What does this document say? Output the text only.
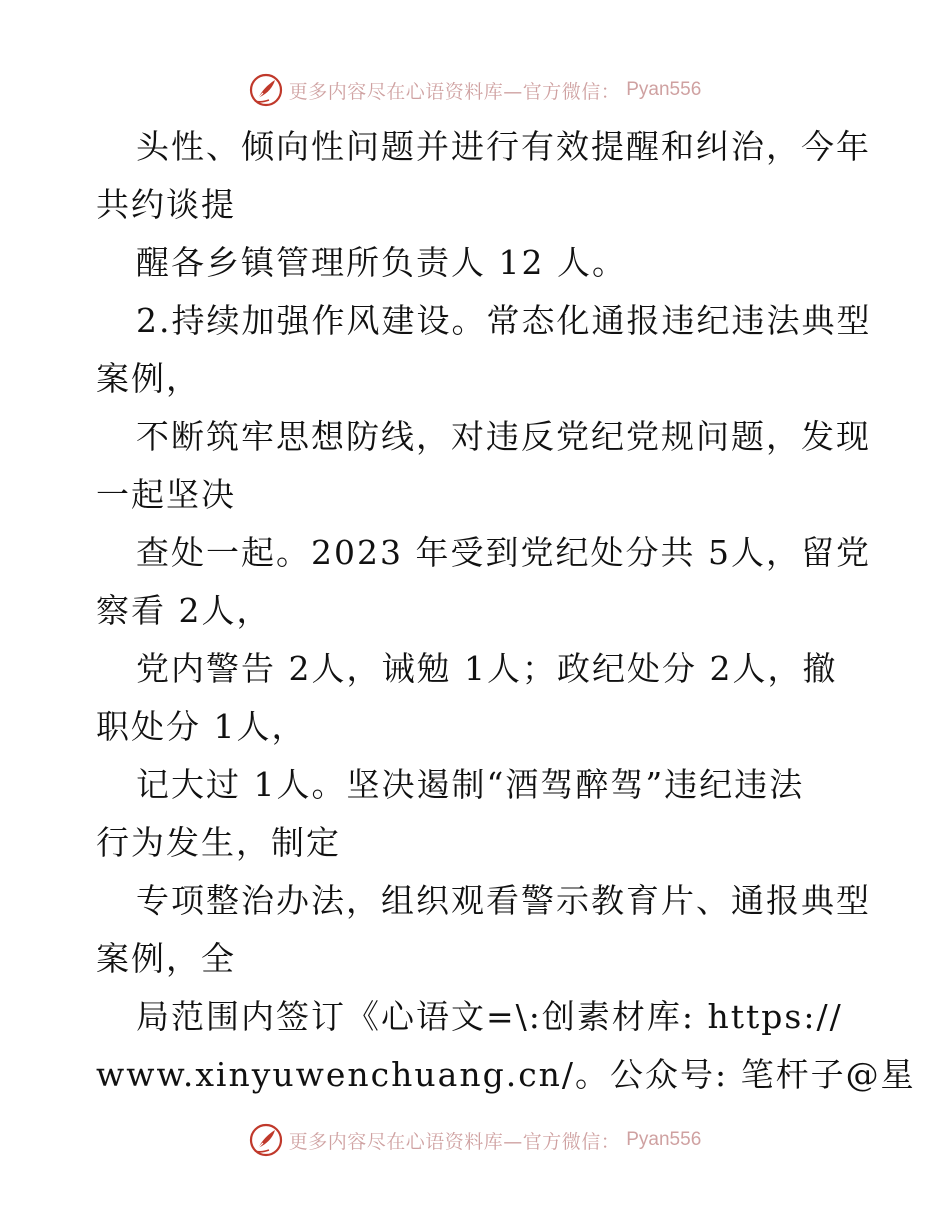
更多内容尽在心语资料库—官方微信： Pyan556
头性、倾向性问题并进行有效提醒和纠治，今年
共约谈提
醒各乡镇管理所负责人 12 人。
2.持续加强作风建设。常态化通报违纪违法典型
案例，
不断筑牢思想防线，对违反党纪党规问题，发现
一起坚决
查处一起。2023 年受到党纪处分共 5人，留党
察看 2人，
党内警告 2人，诫勉 1人；政纪处分 2人，撤
职处分 1人，
记大过 1人。坚决遏制“酒驾醉驾”违纪违法
行为发生，制定
专项整治办法，组织观看警示教育片、通报典型
案例，全
局范围内签订《心语文=\:创素材库: https://
www.xinyuwenchuang.cn/。公众号: 笔杆子@星
更多内容尽在心语资料库—官方微信： Pyan556
